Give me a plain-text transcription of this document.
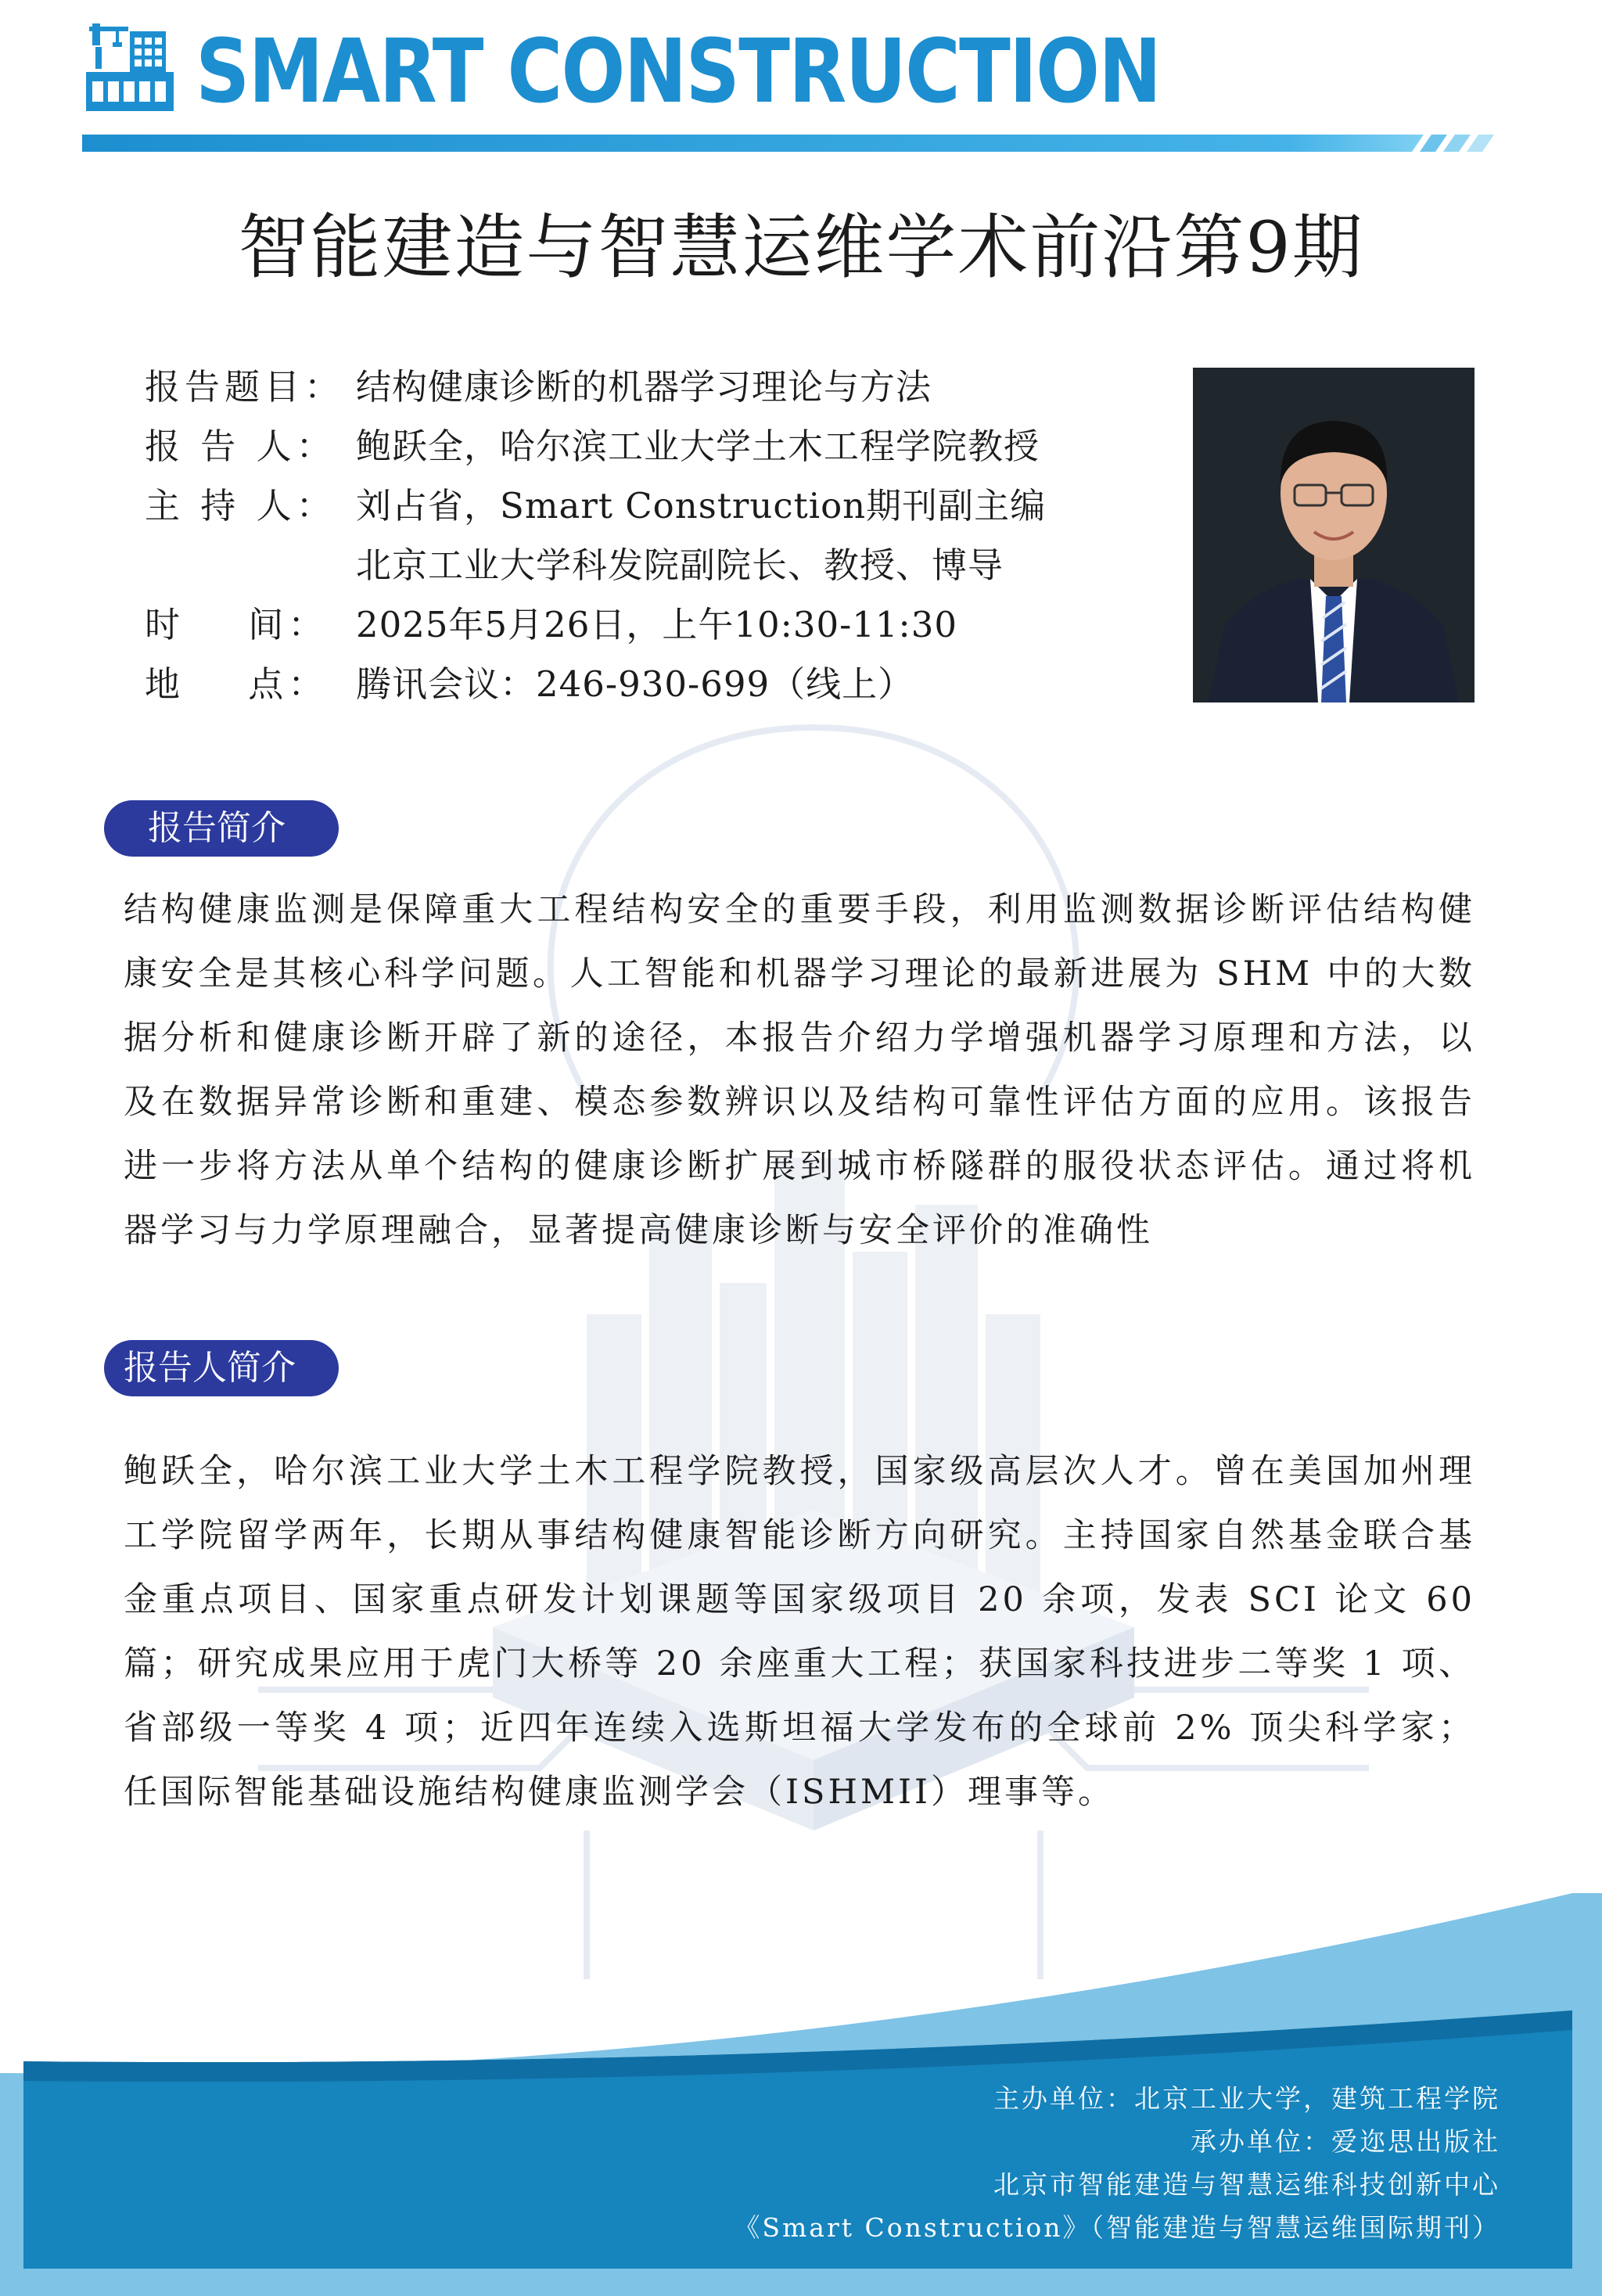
SMART CONSTRUCTION
智能建造与智慧运维学术前沿第9期
报告题目： 结构健康诊断的机器学习理论与方法
报 告 人： 鲍跃全，哈尔滨工业大学土木工程学院教授
主 持 人： 刘占省，Smart Construction期刊副主编
北京工业大学科发院副院长、教授、博导
时    间： 2025年5月26日，上午10:30-11:30
地    点： 腾讯会议：246-930-699（线上）
报告简介
结构健康监测是保障重大工程结构安全的重要手段，利用监测数据诊断评估结构健康安全是其核心科学问题。人工智能和机器学习理论的最新进展为 SHM 中的大数据分析和健康诊断开辟了新的途径，本报告介绍力学增强机器学习原理和方法，以及在数据异常诊断和重建、模态参数辨识以及结构可靠性评估方面的应用。该报告进一步将方法从单个结构的健康诊断扩展到城市桥隧群的服役状态评估。通过将机器学习与力学原理融合，显著提高健康诊断与安全评价的准确性
报告人简介
鲍跃全，哈尔滨工业大学土木工程学院教授，国家级高层次人才。曾在美国加州理工学院留学两年，长期从事结构健康智能诊断方向研究。主持国家自然基金联合基金重点项目、国家重点研发计划课题等国家级项目 20 余项，发表 SCI 论文 60 篇；研究成果应用于虎门大桥等 20 余座重大工程；获国家科技进步二等奖 1 项、省部级一等奖 4 项；近四年连续入选斯坦福大学发布的全球前 2% 顶尖科学家；任国际智能基础设施结构健康监测学会（ISHMII）理事等。
主办单位：北京工业大学，建筑工程学院
承办单位：爱迩思出版社
北京市智能建造与智慧运维科技创新中心
《Smart Construction》（智能建造与智慧运维国际期刊）
